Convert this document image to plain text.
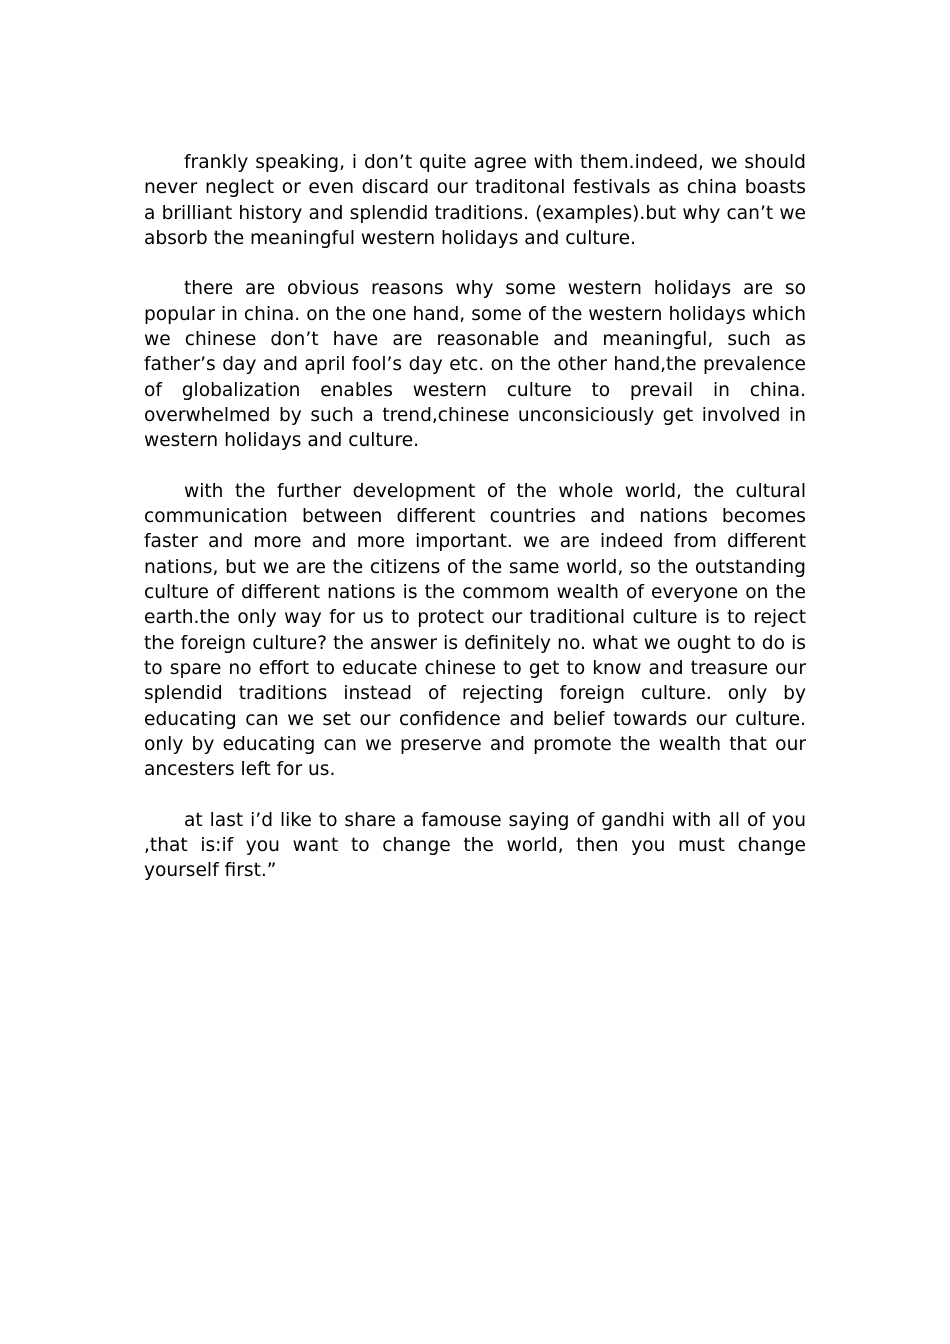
frankly speaking, i don’t quite agree with them.indeed, we should never neglect or even discard our traditonal festivals as china boasts a brilliant history and splendid traditions. (examples).but why can’t we absorb the meaningful western holidays and culture.

there are obvious reasons why some western holidays are so popular in china. on the one hand, some of the western holidays which we chinese don’t have are reasonable and meaningful, such as father’s day and april fool’s day etc. on the other hand,the prevalence of globalization enables western culture to prevail in china. overwhelmed by such a trend,chinese unconsiciously get involved in western holidays and culture.

with the further development of the whole world, the cultural communication between different countries and nations becomes faster and more and more important. we are indeed from different nations, but we are the citizens of the same world, so the outstanding culture of different nations is the commom wealth of everyone on the earth.the only way for us to protect our traditional culture is to reject the foreign culture? the answer is definitely no. what we ought to do is to spare no effort to educate chinese to get to know and treasure our splendid traditions instead of rejecting foreign culture. only by educating can we set our confidence and belief towards our culture. only by educating can we preserve and promote the wealth that our ancesters left for us.

at last i’d like to share a famouse saying of gandhi with all of you ,that is:if you want to change the world, then you must change yourself first.”
